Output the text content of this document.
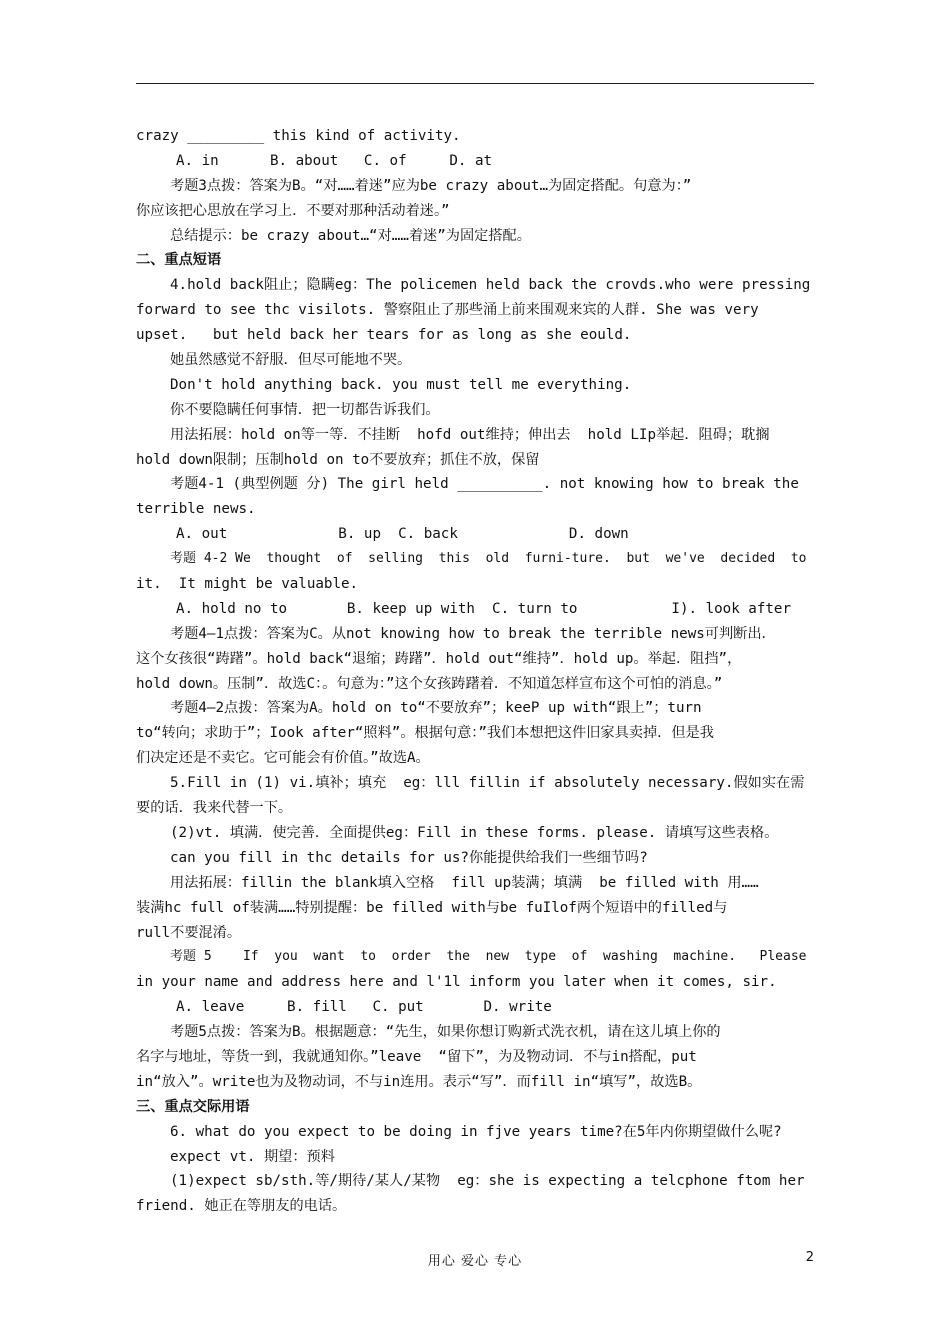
crazy _________ this kind of activity.
A. in      B. about   C. of     D. at
考题3点拨：答案为B。“对……着迷”应为be crazy about…为固定搭配。句意为：”
你应该把心思放在学习上．不要对那种活动着迷。”
总结提示：be crazy about…“对……着迷”为固定搭配。
二、重点短语
4.hold back阻止；隐瞒eg：The policemen held back the crovds.who were pressing
forward to see thc visilots. 警察阻止了那些涌上前来围观来宾的人群. She was very
upset.   but held back her tears for as long as she eould.
她虽然感觉不舒服．但尽可能地不哭。
Don't hold anything back. you must tell me everything.
你不要隐瞒任何事情．把一切都告诉我们。
用法拓展：hold on等一等．不挂断  hofd out维持；伸出去  hold LIp举起．阻碍；耽搁
hold down限制；压制hold on to不要放弃；抓住不放，保留
考题4-1 (典型例题 分) The girl held __________. not knowing how to break the
terrible news.
A. out             B. up  C. back             D. down
考题 4-2 We  thought  of  selling  this  old  furni-ture.  but  we've  decided  to
it.  It might be valuable.
A. hold no to       B. keep up with  C. turn to           I). look after
考题4—1点拨：答案为C。从not knowing how to break the terrible news可判断出．
这个女孩很“踌躇”。hold back“退缩；踌躇”．hold out“维持”．hold up。举起．阻挡”，
hold down。压制”．故选C：。句意为：”这个女孩踌躇着．不知道怎样宣布这个可怕的消息。”
考题4—2点拨：答案为A。hold on to“不要放弃”；keeP up with“跟上”；turn
to“转向；求助于”；Iook after“照料”。根据句意：”我们本想把这件旧家具卖掉．但是我
们决定还是不卖它。它可能会有价值。”故选A。
5.Fill in (1) vi.填补；填充  eg：lll fillin if absolutely necessary.假如实在需
要的话．我来代替一下。
(2)vt. 填满．使完善．全面提供eg：Fill in these forms. please. 请填写这些表格。
can you fill in thc details for us?你能提供给我们一些细节吗?
用法拓展：fillin the blank填入空格  fill up装满；填满  be filled with 用……
装满hc full of装满……特别提醒：be filled with与be fuIlof两个短语中的filled与
rull不要混淆。
考题 5    If  you  want  to  order  the  new  type  of  washing  machine.   Please
in your name and address here and l'1l inform you later when it comes, sir.
A. leave     B. fill   C. put       D. write
考题5点拨：答案为B。根据题意：“先生，如果你想订购新式洗衣机，请在这儿填上你的
名字与地址，等货一到，我就通知你。”leave  “留下”，为及物动词．不与in搭配，put
in“放入”。write也为及物动词，不与in连用。表示“写”．而fill in“填写”，故选B。
三、重点交际用语
6. what do you expect to be doing in fjve years time?在5年内你期望做什么呢?
expect vt. 期望：预料
(1)expect sb/sth.等/期待/某人/某物  eg：she is expecting a telcphone ftom her
friend. 她正在等朋友的电话。
用心 爱心 专心	2
